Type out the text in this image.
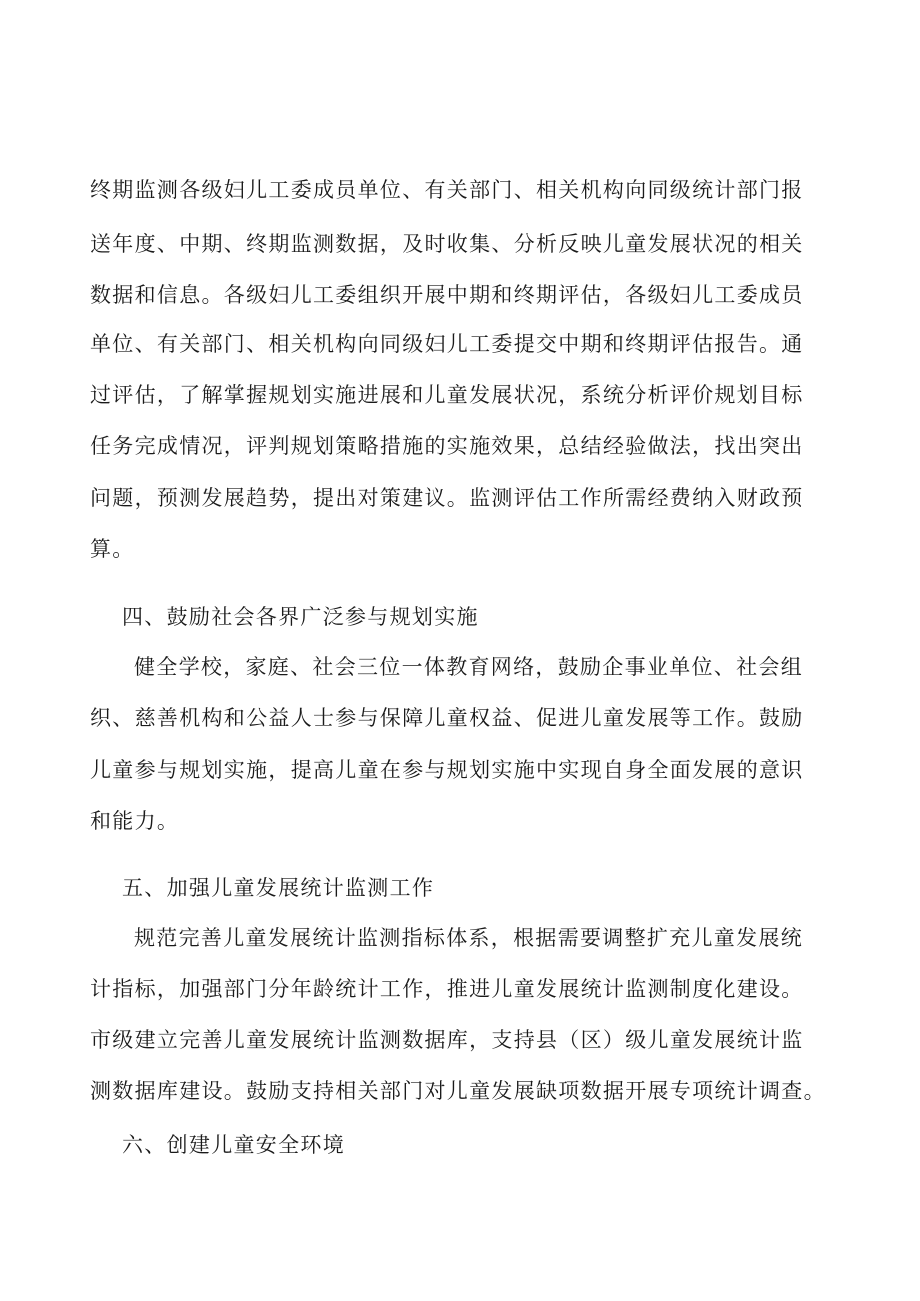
终期监测各级妇儿工委成员单位、有关部门、相关机构向同级统计部门报
送年度、中期、终期监测数据，及时收集、分析反映儿童发展状况的相关
数据和信息。各级妇儿工委组织开展中期和终期评估，各级妇儿工委成员
单位、有关部门、相关机构向同级妇儿工委提交中期和终期评估报告。通
过评估，了解掌握规划实施进展和儿童发展状况，系统分析评价规划目标
任务完成情况，评判规划策略措施的实施效果，总结经验做法，找出突出
问题，预测发展趋势，提出对策建议。监测评估工作所需经费纳入财政预
算。
四、鼓励社会各界广泛参与规划实施
健全学校，家庭、社会三位一体教育网络，鼓励企事业单位、社会组
织、慈善机构和公益人士参与保障儿童权益、促进儿童发展等工作。鼓励
儿童参与规划实施，提高儿童在参与规划实施中实现自身全面发展的意识
和能力。
五、加强儿童发展统计监测工作
规范完善儿童发展统计监测指标体系，根据需要调整扩充儿童发展统
计指标，加强部门分年龄统计工作，推进儿童发展统计监测制度化建设。
市级建立完善儿童发展统计监测数据库，支持县（区）级儿童发展统计监
测数据库建设。鼓励支持相关部门对儿童发展缺项数据开展专项统计调查。
六、创建儿童安全环境
